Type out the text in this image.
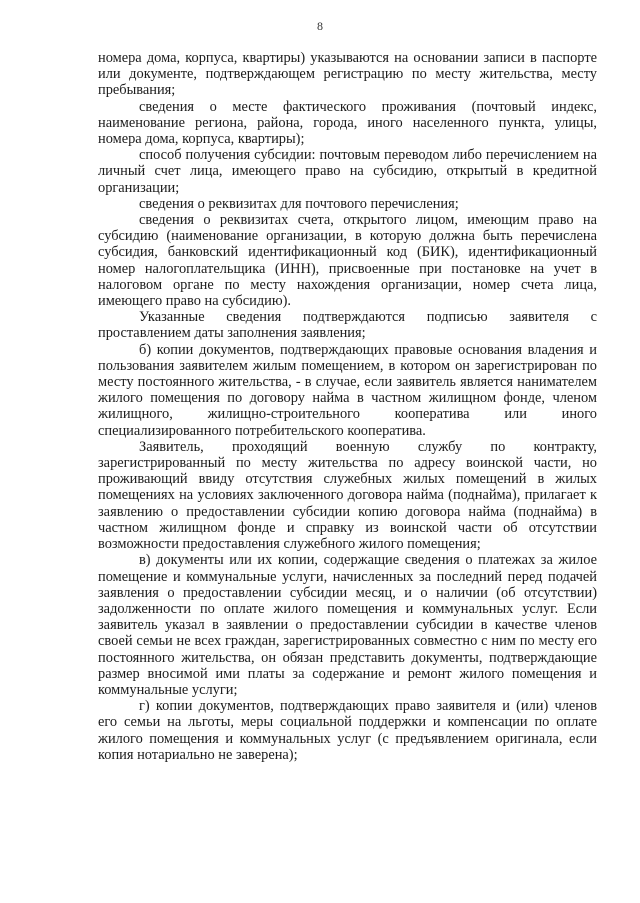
8

номера дома, корпуса, квартиры) указываются на основании записи в паспорте или документе, подтверждающем регистрацию по месту жительства, месту пребывания;

сведения о месте фактического проживания (почтовый индекс, наименование региона, района, города, иного населенного пункта, улицы, номера дома, корпуса, квартиры);

способ получения субсидии: почтовым переводом либо перечислением на личный счет лица, имеющего право на субсидию, открытый в кредитной организации;

сведения о реквизитах для почтового перечисления;

сведения о реквизитах счета, открытого лицом, имеющим право на субсидию (наименование организации, в которую должна быть перечислена субсидия, банковский идентификационный код (БИК), идентификационный номер налогоплательщика (ИНН), присвоенные при постановке на учет в налоговом органе по месту нахождения организации, номер счета лица, имеющего право на субсидию).

Указанные сведения подтверждаются подписью заявителя с проставлением даты заполнения заявления;

б) копии документов, подтверждающих правовые основания владения и пользования заявителем жилым помещением, в котором он зарегистрирован по месту постоянного жительства, - в случае, если заявитель является нанимателем жилого помещения по договору найма в частном жилищном фонде, членом жилищного, жилищно-строительного кооператива или иного специализированного потребительского кооператива.

Заявитель, проходящий военную службу по контракту, зарегистрированный по месту жительства по адресу воинской части, но проживающий ввиду отсутствия служебных жилых помещений в жилых помещениях на условиях заключенного договора найма (поднайма), прилагает к заявлению о предоставлении субсидии копию договора найма (поднайма) в частном жилищном фонде и справку из воинской части об отсутствии возможности предоставления служебного жилого помещения;

в) документы или их копии, содержащие сведения о платежах за жилое помещение и коммунальные услуги, начисленных за последний перед подачей заявления о предоставлении субсидии месяц, и о наличии (об отсутствии) задолженности по оплате жилого помещения и коммунальных услуг. Если заявитель указал в заявлении о предоставлении субсидии в качестве членов своей семьи не всех граждан, зарегистрированных совместно с ним по месту его постоянного жительства, он обязан представить документы, подтверждающие размер вносимой ими платы за содержание и ремонт жилого помещения и коммунальные услуги;

г) копии документов, подтверждающих право заявителя и (или) членов его семьи на льготы, меры социальной поддержки и компенсации по оплате жилого помещения и коммунальных услуг (с предъявлением оригинала, если копия нотариально не заверена);
